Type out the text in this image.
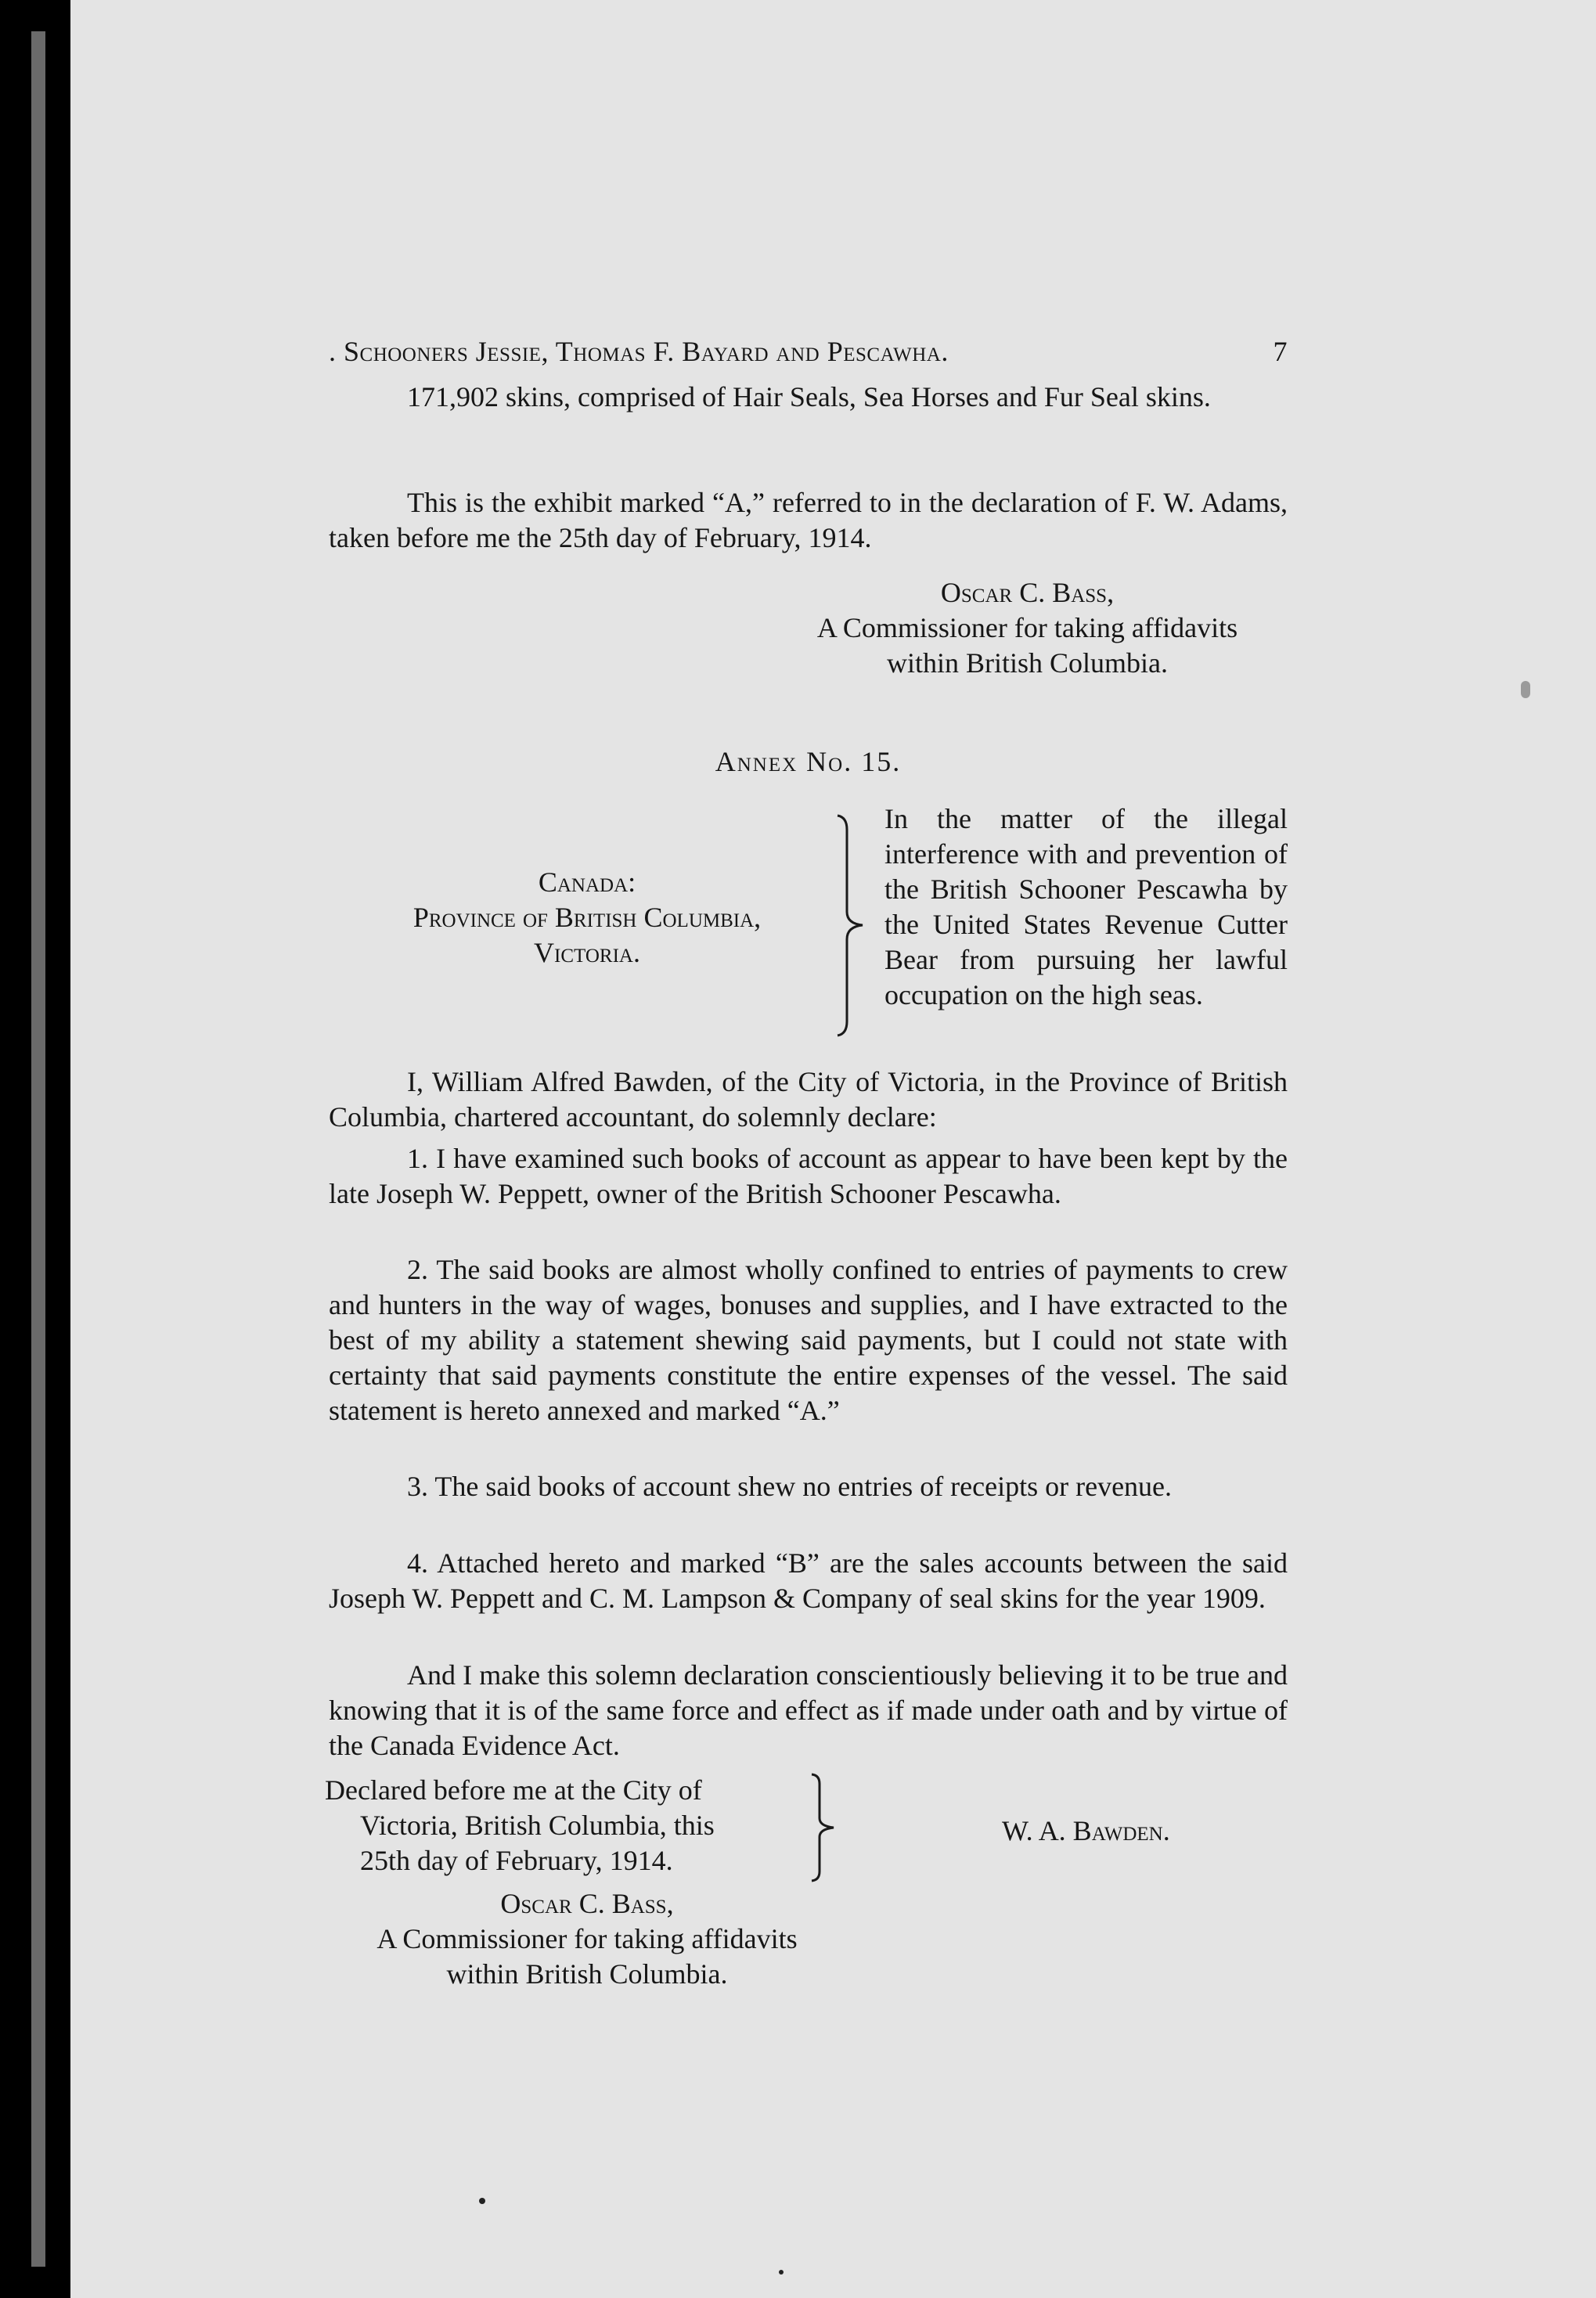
. Schooners Jessie, Thomas F. Bayard and Pescawha.	7

171,902 skins, comprised of Hair Seals, Sea Horses and Fur Seal skins.

This is the exhibit marked “A,” referred to in the declaration of F. W. Adams, taken before me the 25th day of February, 1914.

Oscar C. Bass,
A Commissioner for taking affidavits
within British Columbia.
Annex No. 15.
Canada:
Province of British Columbia,
Victoria.

In the matter of the illegal interference with and prevention of the British Schooner Pescawha by the United States Revenue Cutter Bear from pursuing her lawful occupation on the high seas.

I, William Alfred Bawden, of the City of Victoria, in the Province of British Columbia, chartered accountant, do solemnly declare:

1. I have examined such books of account as appear to have been kept by the late Joseph W. Peppett, owner of the British Schooner Pescawha.

2. The said books are almost wholly confined to entries of payments to crew and hunters in the way of wages, bonuses and supplies, and I have extracted to the best of my ability a statement shewing said payments, but I could not state with certainty that said payments constitute the entire expenses of the vessel. The said statement is hereto annexed and marked “A.”

3. The said books of account shew no entries of receipts or revenue.

4. Attached hereto and marked “B” are the sales accounts between the said Joseph W. Peppett and C. M. Lampson & Company of seal skins for the year 1909.

And I make this solemn declaration conscientiously believing it to be true and knowing that it is of the same force and effect as if made under oath and by virtue of the Canada Evidence Act.

Declared before me at the City of
Victoria, British Columbia, this
25th day of February, 1914.
W. A. Bawden.
Oscar C. Bass,
A Commissioner for taking affidavits
within British Columbia.
